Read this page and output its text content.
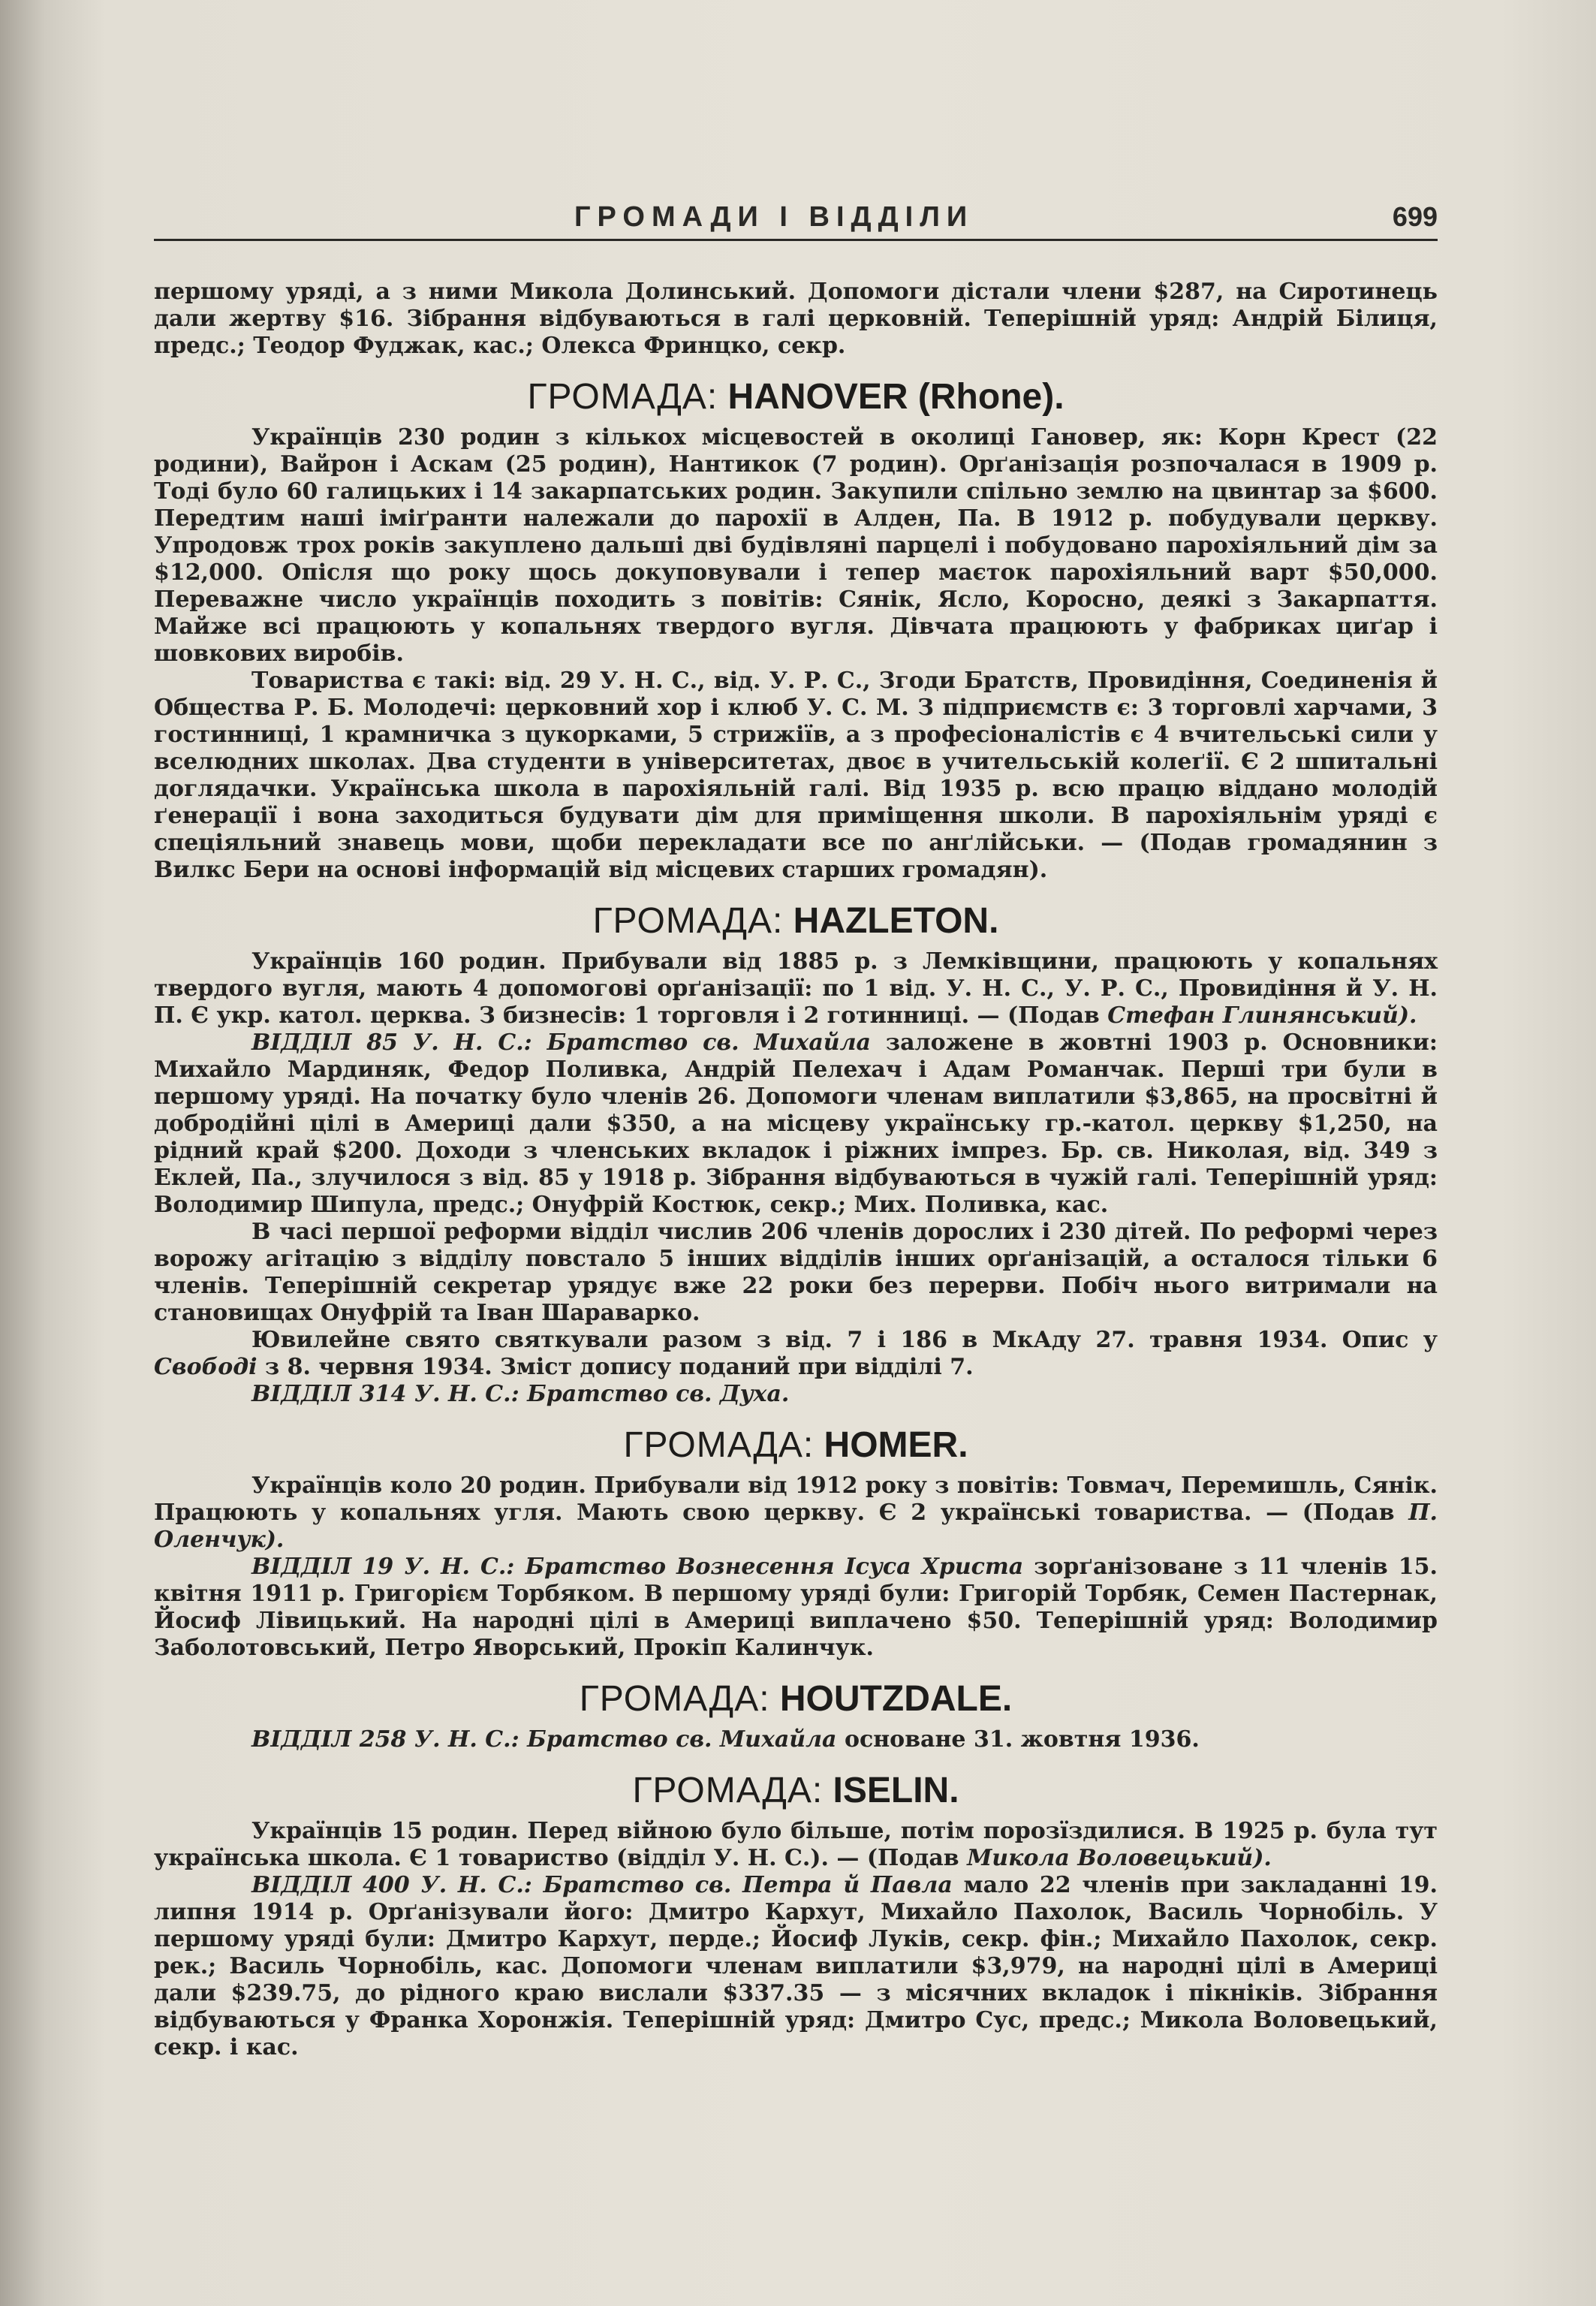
ГРОМАДИ І ВІДДІЛИ	699

першому уряді, а з ними Микола Долинський. Допомоги дістали члени $287, на Сиротинець дали жертву $16. Зібрання відбуваються в галі церковній. Теперішній уряд: Андрій Білиця, предс.; Теодор Фуджак, кас.; Олекса Фринцко, секр.

ГРОМАДА: HANOVER (Rhone).

Українців 230 родин з кількох місцевостей в околиці Гановер, як: Корн Крест (22 родини), Вайрон і Аскам (25 родин), Нантикок (7 родин). Орґанізація розпочалася в 1909 р. Тоді було 60 галицьких і 14 закарпатських родин. Закупили спільно землю на цвинтар за $600. Передтим наші іміґранти належали до парохії в Алден, Па. В 1912 р. побудували церкву. Упродовж трох років закуплено дальші дві будівляні парцелі і побудовано парохіяльний дім за $12,000. Опісля що року щось докуповували і тепер маєток парохіяльний варт $50,000. Переважне число українців походить з повітів: Сянік, Ясло, Коросно, деякі з Закарпаття. Майже всі працюють у копальнях твердого вугля. Дівчата працюють у фабриках циґар і шовкових виробів.

Товариства є такі: від. 29 У. Н. С., від. У. Р. С., Згоди Братств, Провидіння, Соединенія й Общества Р. Б. Молодечі: церковний хор і клюб У. С. М. З підприємств є: 3 торговлі харчами, 3 гостинниці, 1 крамничка з цукорками, 5 стрижіїв, а з професіоналістів є 4 вчительські сили у вселюдних школах. Два студенти в університетах, двоє в учительській колеґії. Є 2 шпитальні доглядачки. Українська школа в парохіяльній галі. Від 1935 р. всю працю віддано молодій ґенерації і вона заходиться будувати дім для приміщення школи. В парохіяльнім уряді є спеціяльний знавець мови, щоби перекладати все по анґлійськи. — (Подав громадянин з Вилкс Бери на основі інформацій від місцевих старших громадян).

ГРОМАДА: HAZLETON.

Українців 160 родин. Прибували від 1885 р. з Лемківщини, працюють у копальнях твердого вугля, мають 4 допомогові орґанізації: по 1 від. У. Н. С., У. Р. С., Провидіння й У. Н. П. Є укр. катол. церква. З бизнесів: 1 торговля і 2 готинниці. — (Подав Стефан Глинянський).

ВІДДІЛ 85 У. Н. С.: Братство св. Михайла заложене в жовтні 1903 р. Основники: Михайло Мардиняк, Федор Поливка, Андрій Пелехач і Адам Романчак. Перші три були в першому уряді. На початку було членів 26. Допомоги членам виплатили $3,865, на просвітні й добродійні цілі в Америці дали $350, а на місцеву українську гр.-катол. церкву $1,250, на рідний край $200. Доходи з членських вкладок і ріжних імпрез. Бр. св. Николая, від. 349 з Еклей, Па., злучилося з від. 85 у 1918 р. Зібрання відбуваються в чужій галі. Теперішній уряд: Володимир Шипула, предс.; Онуфрій Костюк, секр.; Мих. Поливка, кас.

В часі першої реформи відділ числив 206 членів дорослих і 230 дітей. По реформі через ворожу агітацію з відділу повстало 5 інших відділів інших орґанізацій, а осталося тільки 6 членів. Теперішній секретар урядує вже 22 роки без перерви. Побіч нього витримали на становищах Онуфрій та Іван Шараварко.

Ювилейне свято святкували разом з від. 7 і 186 в МкАду 27. травня 1934. Опис у Свободі з 8. червня 1934. Зміст допису поданий при відділі 7.

ВІДДІЛ 314 У. Н. С.: Братство св. Духа.

ГРОМАДА: HOMER.

Українців коло 20 родин. Прибували від 1912 року з повітів: Товмач, Перемишль, Сянік. Працюють у копальнях угля. Мають свою церкву. Є 2 українські товариства. — (Подав П. Оленчук).

ВІДДІЛ 19 У. Н. С.: Братство Вознесення Ісуса Христа зорґанізоване з 11 членів 15. квітня 1911 р. Григорієм Торбяком. В першому уряді були: Григорій Торбяк, Семен Пастернак, Йосиф Лівицький. На народні цілі в Америці виплачено $50. Теперішній уряд: Володимир Заболотовський, Петро Яворський, Прокіп Калинчук.

ГРОМАДА: HOUTZDALE.

ВІДДІЛ 258 У. Н. С.: Братство св. Михайла основане 31. жовтня 1936.

ГРОМАДА: ISELIN.

Українців 15 родин. Перед війною було більше, потім порозїздилися. В 1925 р. була тут українська школа. Є 1 товариство (відділ У. Н. С.). — (Подав Микола Воловецький).

ВІДДІЛ 400 У. Н. С.: Братство св. Петра й Павла мало 22 членів при закладанні 19. липня 1914 р. Орґанізували його: Дмитро Кархут, Михайло Пахолок, Василь Чорнобіль. У першому уряді були: Дмитро Кархут, перде.; Йосиф Луків, секр. фін.; Михайло Пахолок, секр. рек.; Василь Чорнобіль, кас. Допомоги членам виплатили $3,979, на народні цілі в Америці дали $239.75, до рідного краю вислали $337.35 — з місячних вкладок і пікніків. Зібрання відбуваються у Франка Хоронжія. Теперішній уряд: Дмитро Сус, предс.; Микола Воловецький, секр. і кас.
